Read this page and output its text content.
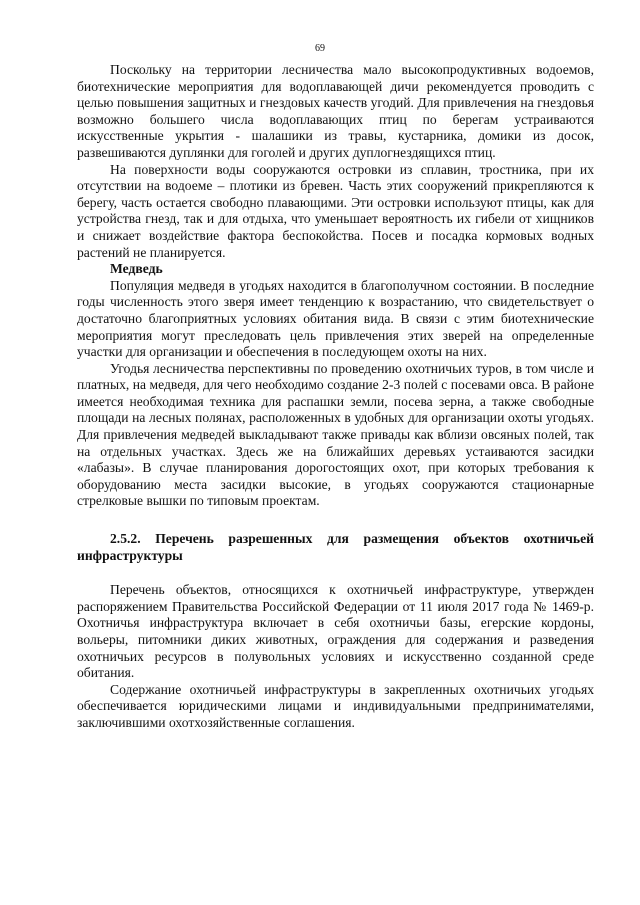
69

Поскольку на территории лесничества мало высокопродуктивных водоемов, биотехнические мероприятия для водоплавающей дичи рекомендуется проводить с целью повышения защитных и гнездовых качеств угодий. Для привлечения на гнездовья возможно большего числа водоплавающих птиц по берегам устраиваются искусственные укрытия - шалашики из травы, кустарника, домики из досок, развешиваются дуплянки для гоголей и других дуплогнездящихся птиц.

На поверхности воды сооружаются островки из сплавин, тростника, при их отсутствии на водоеме – плотики из бревен. Часть этих сооружений прикрепляются к берегу, часть остается свободно плавающими. Эти островки используют птицы, как для устройства гнезд, так и для отдыха, что уменьшает вероятность их гибели от хищников и снижает воздействие фактора беспокойства. Посев и посадка кормовых водных растений не планируется.

Медведь

Популяция медведя в угодьях находится в благополучном состоянии. В последние годы численность этого зверя имеет тенденцию к возрастанию, что свидетельствует о достаточно благоприятных условиях обитания вида. В связи с этим биотехнические мероприятия могут преследовать цель привлечения этих зверей на определенные участки для организации и обеспечения в последующем охоты на них.

Угодья лесничества перспективны по проведению охотничьих туров, в том числе и платных, на медведя, для чего необходимо создание 2-3 полей с посевами овса. В районе имеется необходимая техника для распашки земли, посева зерна, а также свободные площади на лесных полянах, расположенных в удобных для организации охоты угодьях. Для привлечения медведей выкладывают также привады как вблизи овсяных полей, так на отдельных участках. Здесь же на ближайших деревьях устаиваются засидки «лабазы». В случае планирования дорогостоящих охот, при которых требования к оборудованию места засидки высокие, в угодьях сооружаются стационарные стрелковые вышки по типовым проектам.

2.5.2. Перечень разрешенных для размещения объектов охотничьей инфраструктуры

Перечень объектов, относящихся к охотничьей инфраструктуре, утвержден распоряжением Правительства Российской Федерации от 11 июля 2017 года № 1469-р. Охотничья инфраструктура включает в себя охотничьи базы, егерские кордоны, вольеры, питомники диких животных, ограждения для содержания и разведения охотничьих ресурсов в полувольных условиях и искусственно созданной среде обитания.

Содержание охотничьей инфраструктуры в закрепленных охотничьих угодьях обеспечивается юридическими лицами и индивидуальными предпринимателями, заключившими охотхозяйственные соглашения.
